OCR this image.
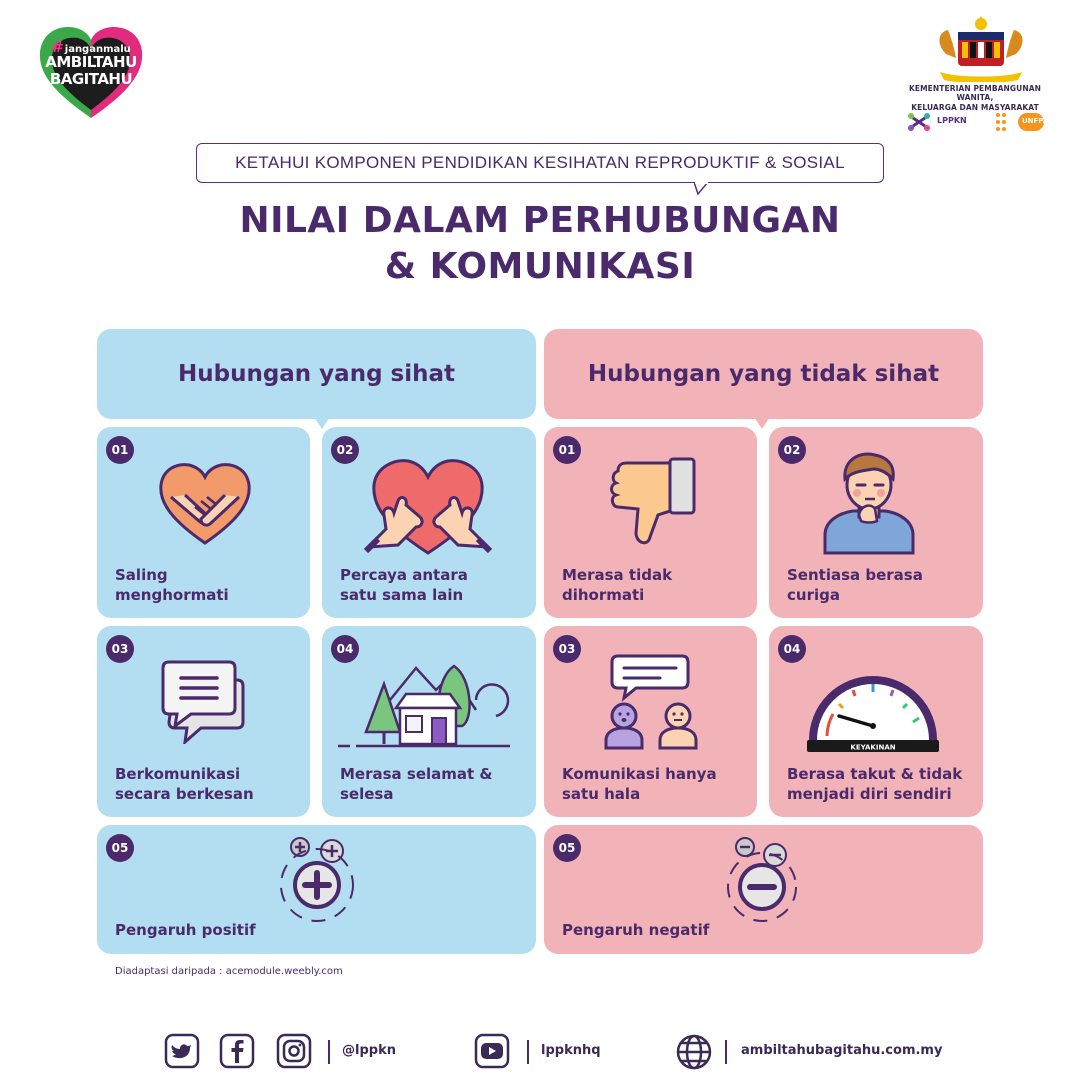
#janganmalu
AMBILTAHU
BAGITAHU
KEMENTERIAN PEMBANGUNAN WANITA,
KELUARGA DAN MASYARAKAT
LPPKN	UNFPA
KETAHUI KOMPONEN PENDIDIKAN KESIHATAN REPRODUKTIF & SOSIAL
NILAI DALAM PERHUBUNGAN
& KOMUNIKASI
Hubungan yang sihat	Hubungan yang tidak sihat
01
Saling
menghormati
02
Percaya antara
satu sama lain
03
Berkomunikasi
secara berkesan
04
Merasa selamat &
selesa
05
Pengaruh positif
01
Merasa tidak
dihormati
02
Sentiasa berasa
curiga
03
Komunikasi hanya
satu hala
04
KEYAKINAN
Berasa takut & tidak
menjadi diri sendiri
05
Pengaruh negatif
Diadaptasi daripada : acemodule.weebly.com
@lppkn	lppknhq	ambiltahubagitahu.com.my
